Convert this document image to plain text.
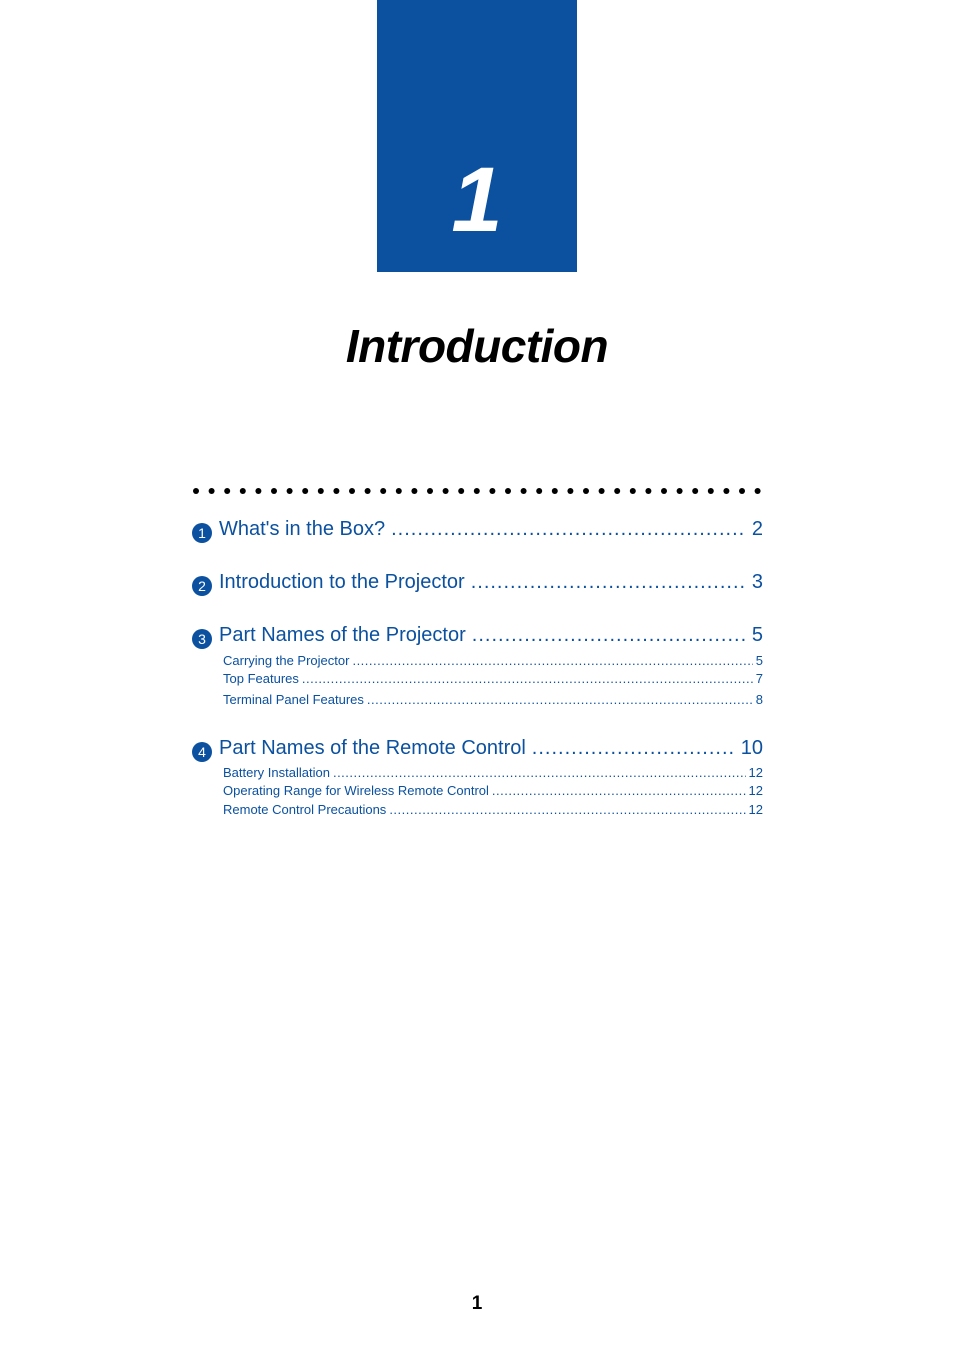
1
Introduction
1 What's in the Box? .....	2
2 Introduction to the Projector .....	3
3 Part Names of the Projector .....	5
Carrying the Projector .....	5
Top Features .....	7
Terminal Panel Features .....	8
4 Part Names of the Remote Control .....	10
Battery Installation .....	12
Operating Range for Wireless Remote Control .....	12
Remote Control Precautions .....	12
1
